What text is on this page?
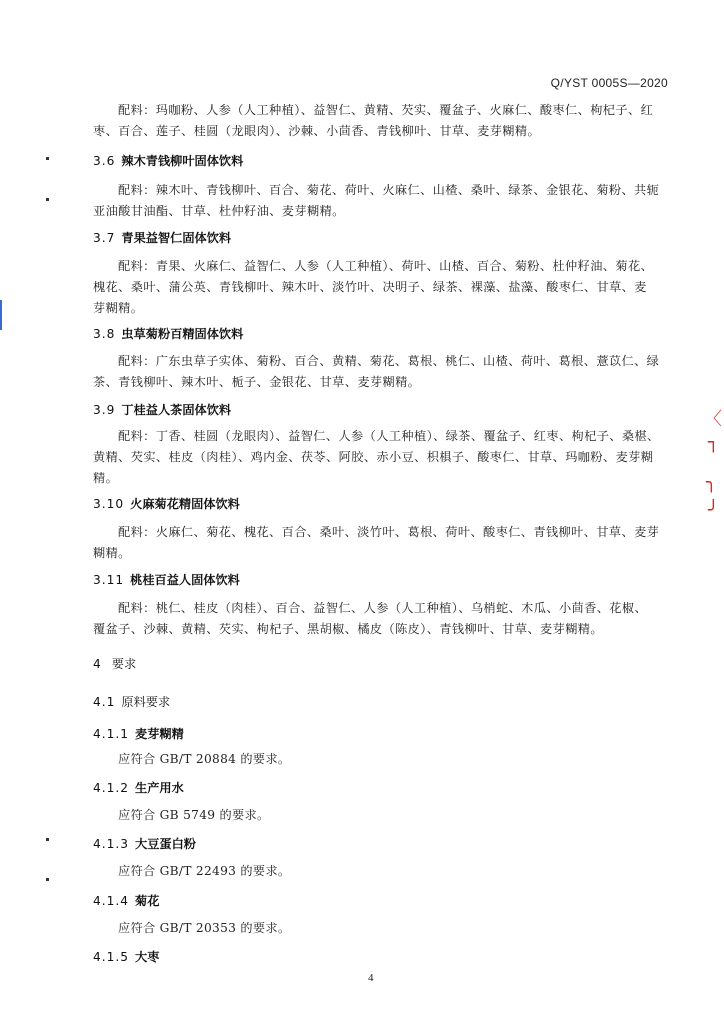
Q/YST 0005S—2020
配料：玛咖粉、人参（人工种植）、益智仁、黄精、芡实、覆盆子、火麻仁、酸枣仁、枸杞子、红
枣、百合、莲子、桂圆（龙眼肉）、沙棘、小茴香、青钱柳叶、甘草、麦芽糊精。
3.6 辣木青钱柳叶固体饮料
配料：辣木叶、青钱柳叶、百合、菊花、荷叶、火麻仁、山楂、桑叶、绿茶、金银花、菊粉、共轭
亚油酸甘油酯、甘草、杜仲籽油、麦芽糊精。
3.7 青果益智仁固体饮料
配料：青果、火麻仁、益智仁、人参（人工种植）、荷叶、山楂、百合、菊粉、杜仲籽油、菊花、
槐花、桑叶、蒲公英、青钱柳叶、辣木叶、淡竹叶、决明子、绿茶、裸藻、盐藻、酸枣仁、甘草、麦
芽糊精。
3.8 虫草菊粉百精固体饮料
配料：广东虫草子实体、菊粉、百合、黄精、菊花、葛根、桃仁、山楂、荷叶、葛根、薏苡仁、绿
茶、青钱柳叶、辣木叶、栀子、金银花、甘草、麦芽糊精。
3.9 丁桂益人茶固体饮料
配料：丁香、桂圆（龙眼肉）、益智仁、人参（人工种植）、绿茶、覆盆子、红枣、枸杞子、桑椹、
黄精、芡实、桂皮（肉桂）、鸡内金、茯苓、阿胶、赤小豆、枳椇子、酸枣仁、甘草、玛咖粉、麦芽糊
精。
3.10 火麻菊花精固体饮料
配料：火麻仁、菊花、槐花、百合、桑叶、淡竹叶、葛根、荷叶、酸枣仁、青钱柳叶、甘草、麦芽
糊精。
3.11 桃桂百益人固体饮料
配料：桃仁、桂皮（肉桂）、百合、益智仁、人参（人工种植）、乌梢蛇、木瓜、小茴香、花椒、
覆盆子、沙棘、黄精、芡实、枸杞子、黑胡椒、橘皮（陈皮）、青钱柳叶、甘草、麦芽糊精。
4 要求
4.1 原料要求
4.1.1 麦芽糊精
应符合 GB/T 20884 的要求。
4.1.2 生产用水
应符合 GB 5749 的要求。
4.1.3 大豆蛋白粉
应符合 GB/T 22493 的要求。
4.1.4 菊花
应符合 GB/T 20353 的要求。
4.1.5 大枣
4
〈
┐
╮
╯
